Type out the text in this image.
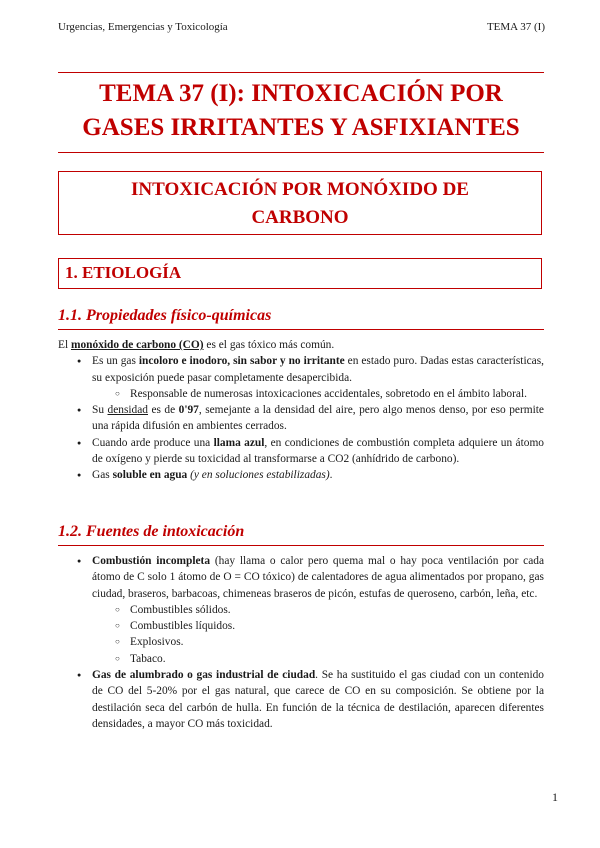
Urgencias, Emergencias y Toxicología	TEMA 37 (I)
TEMA 37 (I): INTOXICACIÓN POR
GASES IRRITANTES Y ASFIXIANTES
INTOXICACIÓN POR MONÓXIDO DE
CARBONO
1. ETIOLOGÍA
1.1. Propiedades físico-químicas

El monóxido de carbono (CO) es el gas tóxico más común.

● Es un gas incoloro e inodoro, sin sabor y no irritante en estado puro. Dadas estas características, su exposición puede pasar completamente desapercibida.
○ Responsable de numerosas intoxicaciones accidentales, sobretodo en el ámbito laboral.
● Su densidad es de 0'97, semejante a la densidad del aire, pero algo menos denso, por eso permite una rápida difusión en ambientes cerrados.
● Cuando arde produce una llama azul, en condiciones de combustión completa adquiere un átomo de oxígeno y pierde su toxicidad al transformarse a CO2 (anhídrido de carbono).
● Gas soluble en agua (y en soluciones estabilizadas).
1.2. Fuentes de intoxicación
● Combustión incompleta (hay llama o calor pero quema mal o hay poca ventilación por cada átomo de C solo 1 átomo de O = CO tóxico) de calentadores de agua alimentados por propano, gas ciudad, braseros, barbacoas, chimeneas braseros de picón, estufas de queroseno, carbón, leña, etc.
○ Combustibles sólidos.
○ Combustibles líquidos.
○ Explosivos.
○ Tabaco.
● Gas de alumbrado o gas industrial de ciudad. Se ha sustituido el gas ciudad con un contenido de CO del 5-20% por el gas natural, que carece de CO en su composición. Se obtiene por la destilación seca del carbón de hulla. En función de la técnica de destilación, aparecen diferentes densidades, a mayor CO más toxicidad.
1
